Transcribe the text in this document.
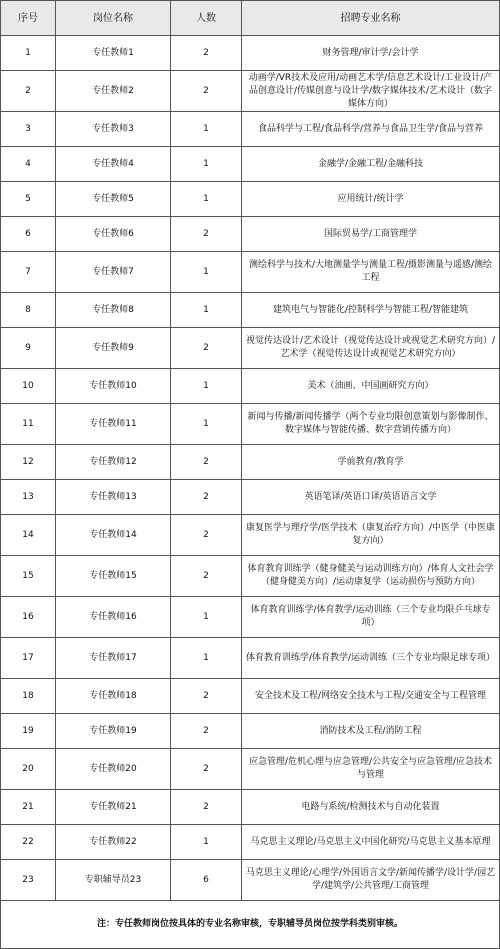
序号	岗位名称	人数	招聘专业名称
1	专任教师1	2	财务管理/审计学/会计学
2	专任教师2	2	动画学/VR技术及应用/动画艺术学/信息艺术设计/工业设计/产品创意设计/传媒创意与设计学/数字媒体技术/艺术设计（数字媒体方向）
3	专任教师3	1	食品科学与工程/食品科学/营养与食品卫生学/食品与营养
4	专任教师4	1	金融学/金融工程/金融科技
5	专任教师5	1	应用统计/统计学
6	专任教师6	2	国际贸易学/工商管理学
7	专任教师7	1	测绘科学与技术/大地测量学与测量工程/摄影测量与遥感/测绘工程
8	专任教师8	1	建筑电气与智能化/控制科学与智能工程/智能建筑
9	专任教师9	2	视觉传达设计/艺术设计（视觉传达设计或视觉艺术研究方向）/艺术学（视觉传达设计或视觉艺术研究方向）
10	专任教师10	1	美术（油画、中国画研究方向）
11	专任教师11	1	新闻与传播/新闻传播学（两个专业均限创意策划与影像制作、数字媒体与智能传播、数字营销传播方向）
12	专任教师12	2	学前教育/教育学
13	专任教师13	2	英语笔译/英语口译/英语语言文学
14	专任教师14	2	康复医学与理疗学/医学技术（康复治疗方向）/中医学（中医康复方向）
15	专任教师15	2	体育教育训练学（健身健美与运动训练方向）/体育人文社会学（健身健美方向）/运动康复学（运动损伤与预防方向）
16	专任教师16	1	体育教育训练学/体育教学/运动训练（三个专业均限乒乓球专项）
17	专任教师17	1	体育教育训练学/体育教学/运动训练（三个专业均限足球专项）
18	专任教师18	2	安全技术及工程/网络安全技术与工程/交通安全与工程管理
19	专任教师19	2	消防技术及工程/消防工程
20	专任教师20	2	应急管理/危机心理与应急管理/公共安全与应急管理/应急技术与管理
21	专任教师21	2	电路与系统/检测技术与自动化装置
22	专任教师22	1	马克思主义理论/马克思主义中国化研究/马克思主义基本原理
23	专职辅导员23	6	马克思主义理论/心理学/外国语言文学/新闻传播学/设计学/园艺学/建筑学/公共管理/工商管理
注：专任教师岗位按具体的专业名称审核，专职辅导员岗位按学科类别审核。			
